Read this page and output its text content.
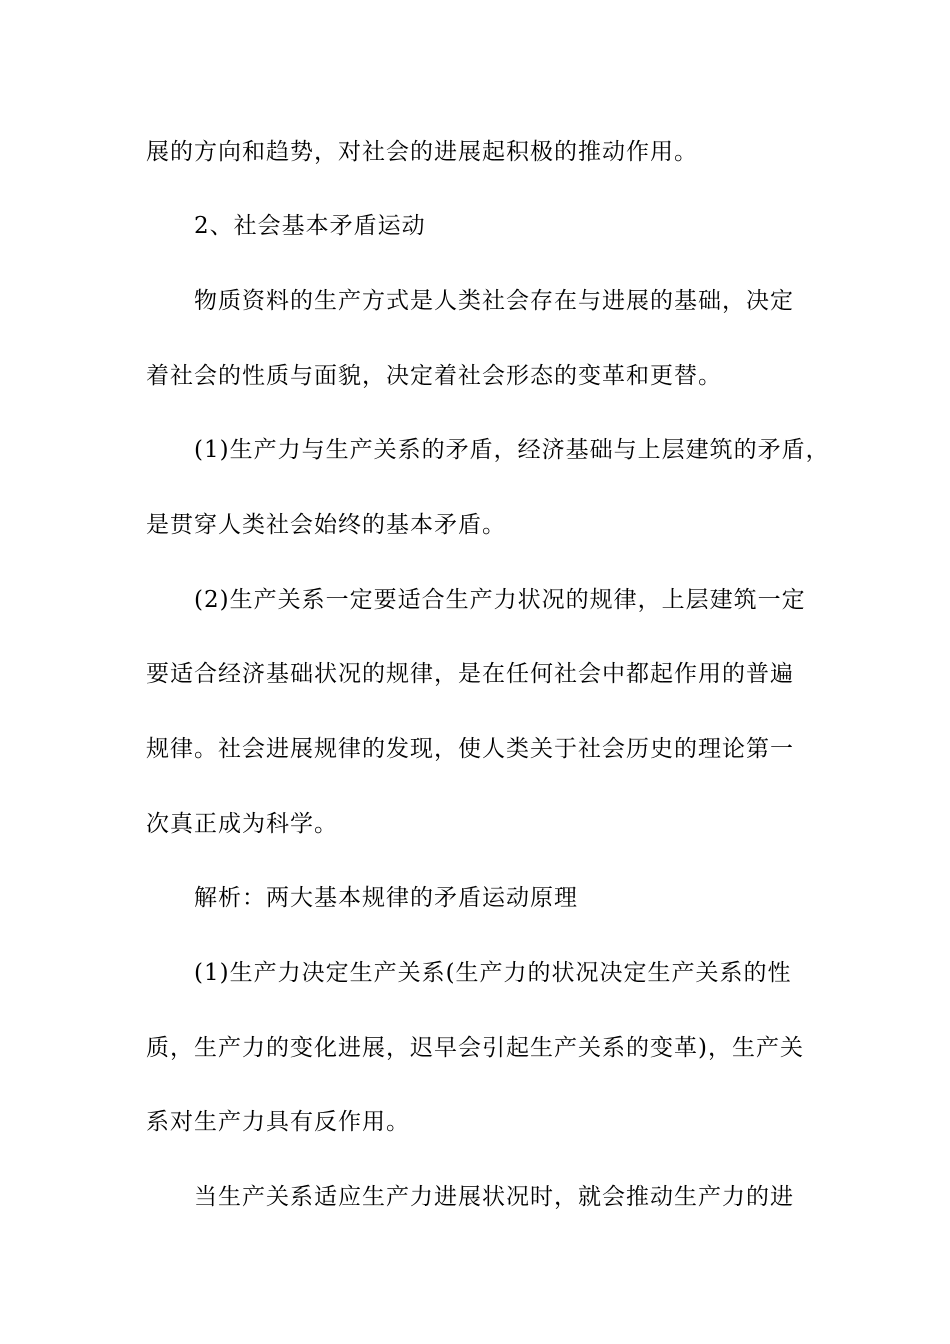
展的方向和趋势，对社会的进展起积极的推动作用。
2、社会基本矛盾运动
物质资料的生产方式是人类社会存在与进展的基础，决定
着社会的性质与面貌，决定着社会形态的变革和更替。
(1)生产力与生产关系的矛盾，经济基础与上层建筑的矛盾，
是贯穿人类社会始终的基本矛盾。
(2)生产关系一定要适合生产力状况的规律，上层建筑一定
要适合经济基础状况的规律，是在任何社会中都起作用的普遍
规律。社会进展规律的发现，使人类关于社会历史的理论第一
次真正成为科学。
解析：两大基本规律的矛盾运动原理
(1)生产力决定生产关系(生产力的状况决定生产关系的性
质，生产力的变化进展，迟早会引起生产关系的变革)，生产关
系对生产力具有反作用。
当生产关系适应生产力进展状况时，就会推动生产力的进
